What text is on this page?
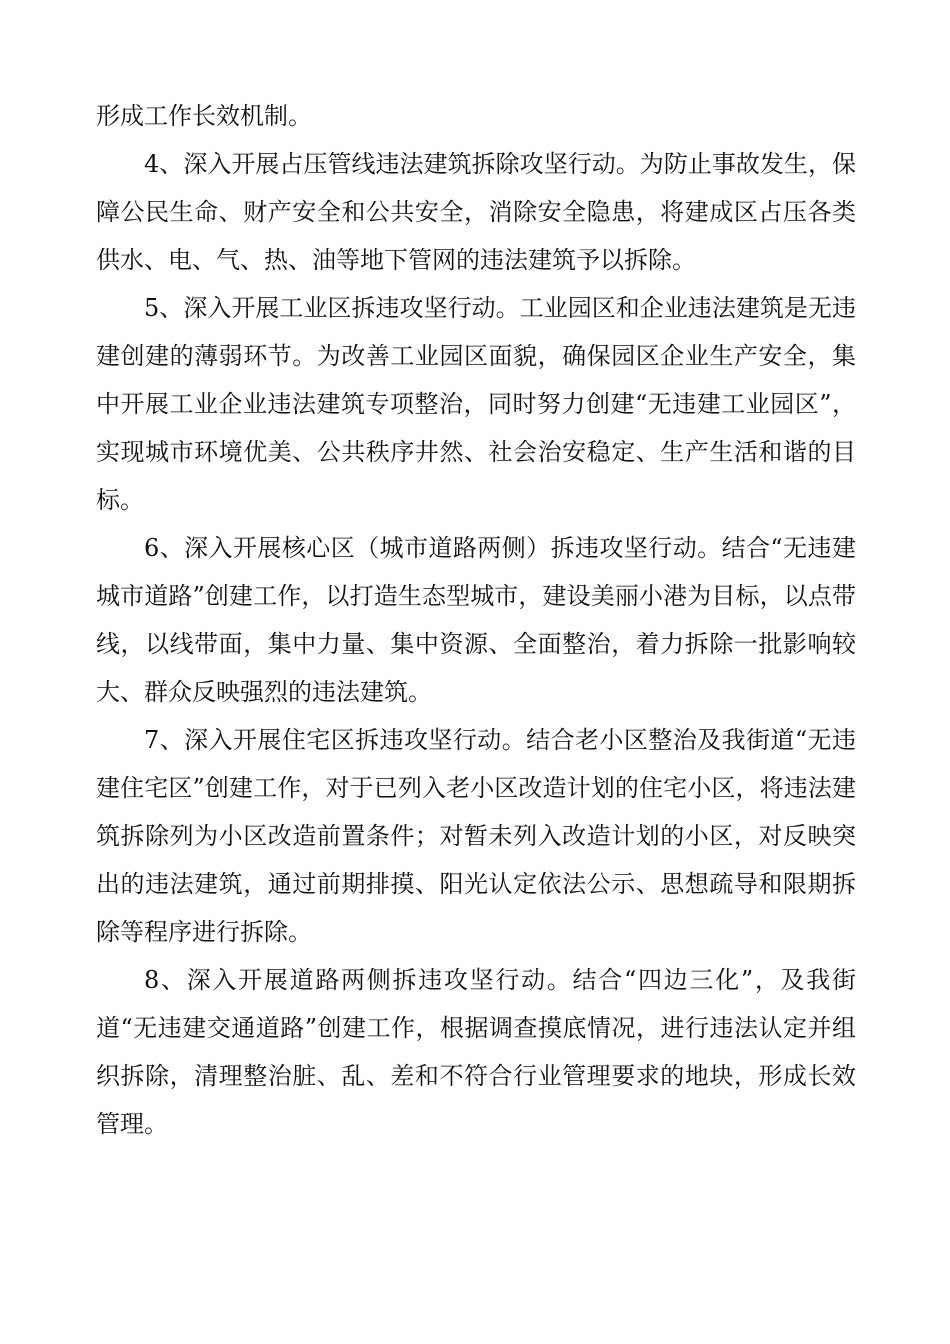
形成工作长效机制。

4、深入开展占压管线违法建筑拆除攻坚行动。为防止事故发生，保障公民生命、财产安全和公共安全，消除安全隐患，将建成区占压各类供水、电、气、热、油等地下管网的违法建筑予以拆除。

5、深入开展工业区拆违攻坚行动。工业园区和企业违法建筑是无违建创建的薄弱环节。为改善工业园区面貌，确保园区企业生产安全，集中开展工业企业违法建筑专项整治，同时努力创建“无违建工业园区”，实现城市环境优美、公共秩序井然、社会治安稳定、生产生活和谐的目标。

6、深入开展核心区（城市道路两侧）拆违攻坚行动。结合“无违建城市道路”创建工作，以打造生态型城市，建设美丽小港为目标，以点带线，以线带面，集中力量、集中资源、全面整治，着力拆除一批影响较大、群众反映强烈的违法建筑。

7、深入开展住宅区拆违攻坚行动。结合老小区整治及我街道“无违建住宅区”创建工作，对于已列入老小区改造计划的住宅小区，将违法建筑拆除列为小区改造前置条件；对暂未列入改造计划的小区，对反映突出的违法建筑，通过前期排摸、阳光认定依法公示、思想疏导和限期拆除等程序进行拆除。

8、深入开展道路两侧拆违攻坚行动。结合“四边三化”，及我街道“无违建交通道路”创建工作，根据调查摸底情况，进行违法认定并组织拆除，清理整治脏、乱、差和不符合行业管理要求的地块，形成长效管理。
